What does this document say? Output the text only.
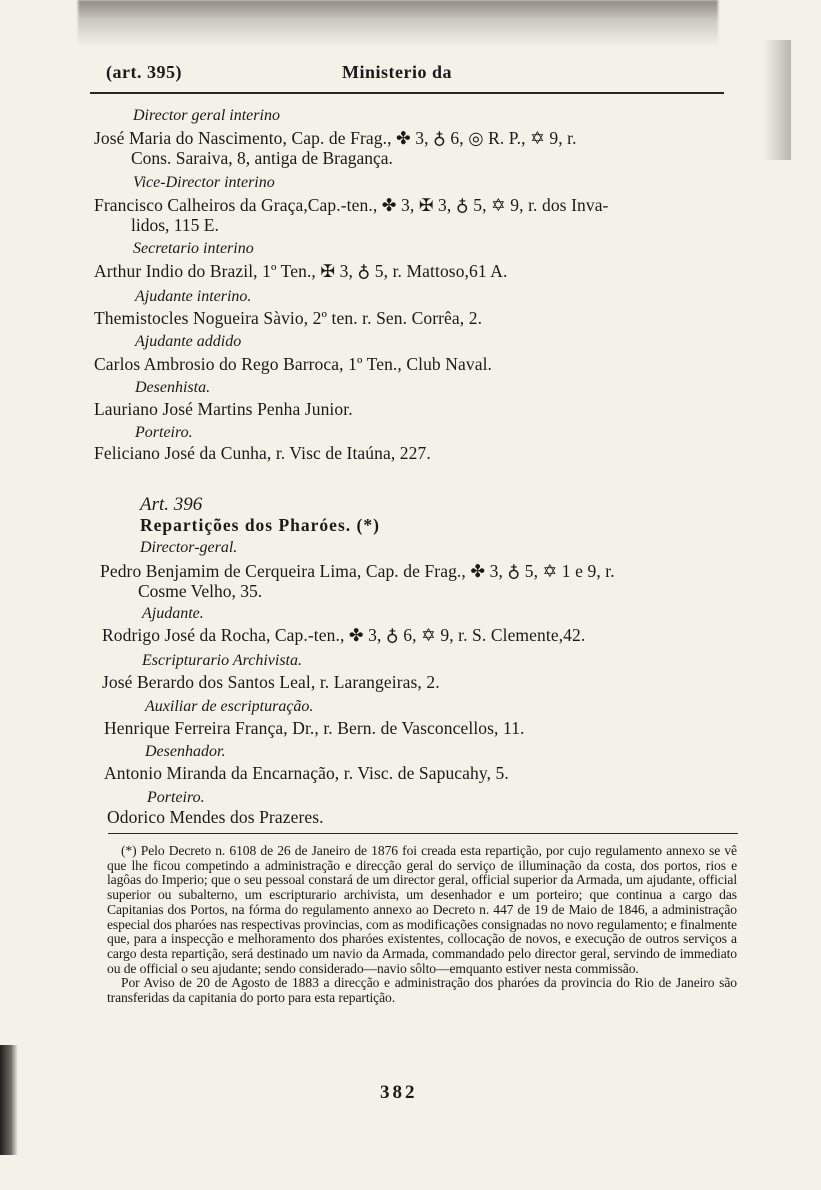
(art. 395)	Ministerio da
Director geral interino
José Maria do Nascimento, Cap. de Frag., ✤ 3, ♁ 6, ◎ R. P., ✡ 9, r.
Cons. Saraiva, 8, antiga de Bragança.
Vice-Director interino
Francisco Calheiros da Graça,Cap.-ten., ✤ 3, ✠ 3, ♁ 5, ✡ 9, r. dos Inva-
lidos, 115 E.
Secretario interino
Arthur Indio do Brazil, 1º Ten., ✠ 3, ♁ 5, r. Mattoso,61 A.
Ajudante interino.
Themistocles Nogueira Sàvio, 2º ten. r. Sen. Corrêa, 2.
Ajudante addido
Carlos Ambrosio do Rego Barroca, 1º Ten., Club Naval.
Desenhista.
Lauriano José Martins Penha Junior.
Porteiro.
Feliciano José da Cunha, r. Visc de Itaúna, 227.
Art. 396
Repartições dos Pharóes. (*)
Director-geral.
Pedro Benjamim de Cerqueira Lima, Cap. de Frag., ✤ 3, ♁ 5, ✡ 1 e 9, r.
Cosme Velho, 35.
Ajudante.
Rodrigo José da Rocha, Cap.-ten., ✤ 3, ♁ 6, ✡ 9, r. S. Clemente,42.
Escripturario Archivista.
José Berardo dos Santos Leal, r. Larangeiras, 2.
Auxiliar de escripturação.
Henrique Ferreira França, Dr., r. Bern. de Vasconcellos, 11.
Desenhador.
Antonio Miranda da Encarnação, r. Visc. de Sapucahy, 5.
Porteiro.
Odorico Mendes dos Prazeres.

(*) Pelo Decreto n. 6108 de 26 de Janeiro de 1876 foi creada esta repartição, por cujo regulamento annexo se vê que lhe ficou competindo a administração e direcção geral do serviço de illuminação da costa, dos portos, rios e lagôas do Imperio; que o seu pessoal constará de um director geral, official superior da Armada, um ajudante, official superior ou subalterno, um escripturario archivista, um desenhador e um porteiro; que continua a cargo das Capitanias dos Portos, na fórma do regulamento annexo ao Decreto n. 447 de 19 de Maio de 1846, a administração especial dos pharóes nas respectivas provincias, com as modificações consignadas no novo regulamento; e finalmente que, para a inspecção e melhoramento dos pharóes existentes, collocação de novos, e execução de outros serviços a cargo desta repartição, será destinado um navio da Armada, commandado pelo director geral, servindo de immediato ou de official o seu ajudante; sendo considerado—navio sôlto—emquanto estiver nesta commissão.

Por Aviso de 20 de Agosto de 1883 a direcção e administração dos pharóes da provincia do Rio de Janeiro são transferidas da capitania do porto para esta repartição.

382
